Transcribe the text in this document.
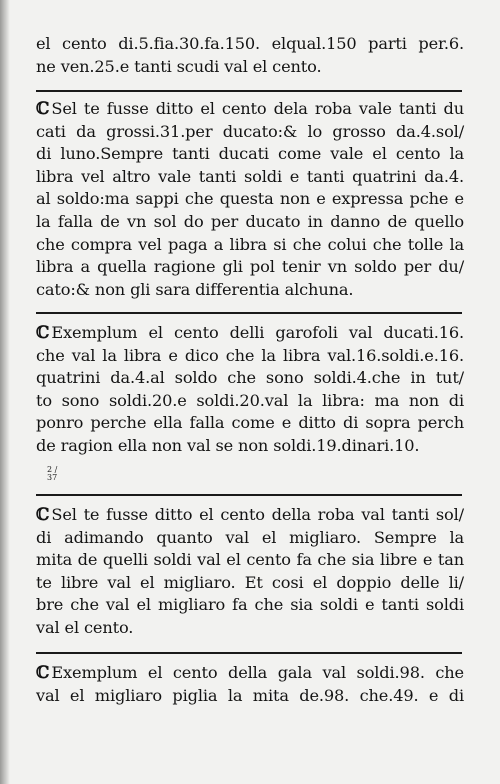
el cento di.5.fia.30.fa.150. elqual.150 parti per.6.
ne ven.25.e tanti scudi val el cento.
ℂ Sel te fusse ditto el cento dela roba vale tanti du
cati da grossi.31.per ducato:& lo grosso da.4.sol/
di luno.Sempre tanti ducati come vale el cento la
libra vel altro vale tanti soldi e tanti quatrini da.4.
al soldo:ma sappi che questa non e expressa pche e
la falla de vn sol do per ducato in danno de quello
che compra vel paga a libra si che colui che tolle la
libra a quella ragione gli pol tenir vn soldo per du/
cato:& non gli sara differentia alchuna.
ℂ Exemplum el cento delli garofoli val ducati.16.
che val la libra e dico che la libra val.16.soldi.e.16.
quatrini da.4.al soldo che sono soldi.4.che in tut/
to sono soldi.20.e soldi.20.val la libra: ma non di
ponro perche ella falla come e ditto di sopra perch
de ragion ella non val se non soldi.19.dinari.10.
2 / 37
ℂ Sel te fusse ditto el cento della roba val tanti sol/
di adimando quanto val el migliaro. Sempre la
mita de quelli soldi val el cento fa che sia libre e tan
te libre val el migliaro. Et cosi el doppio delle li/
bre che val el migliaro fa che sia soldi e tanti soldi
val el cento.
ℂ Exemplum el cento della gala val soldi.98. che
val el migliaro piglia la mita de.98. che.49. e di
